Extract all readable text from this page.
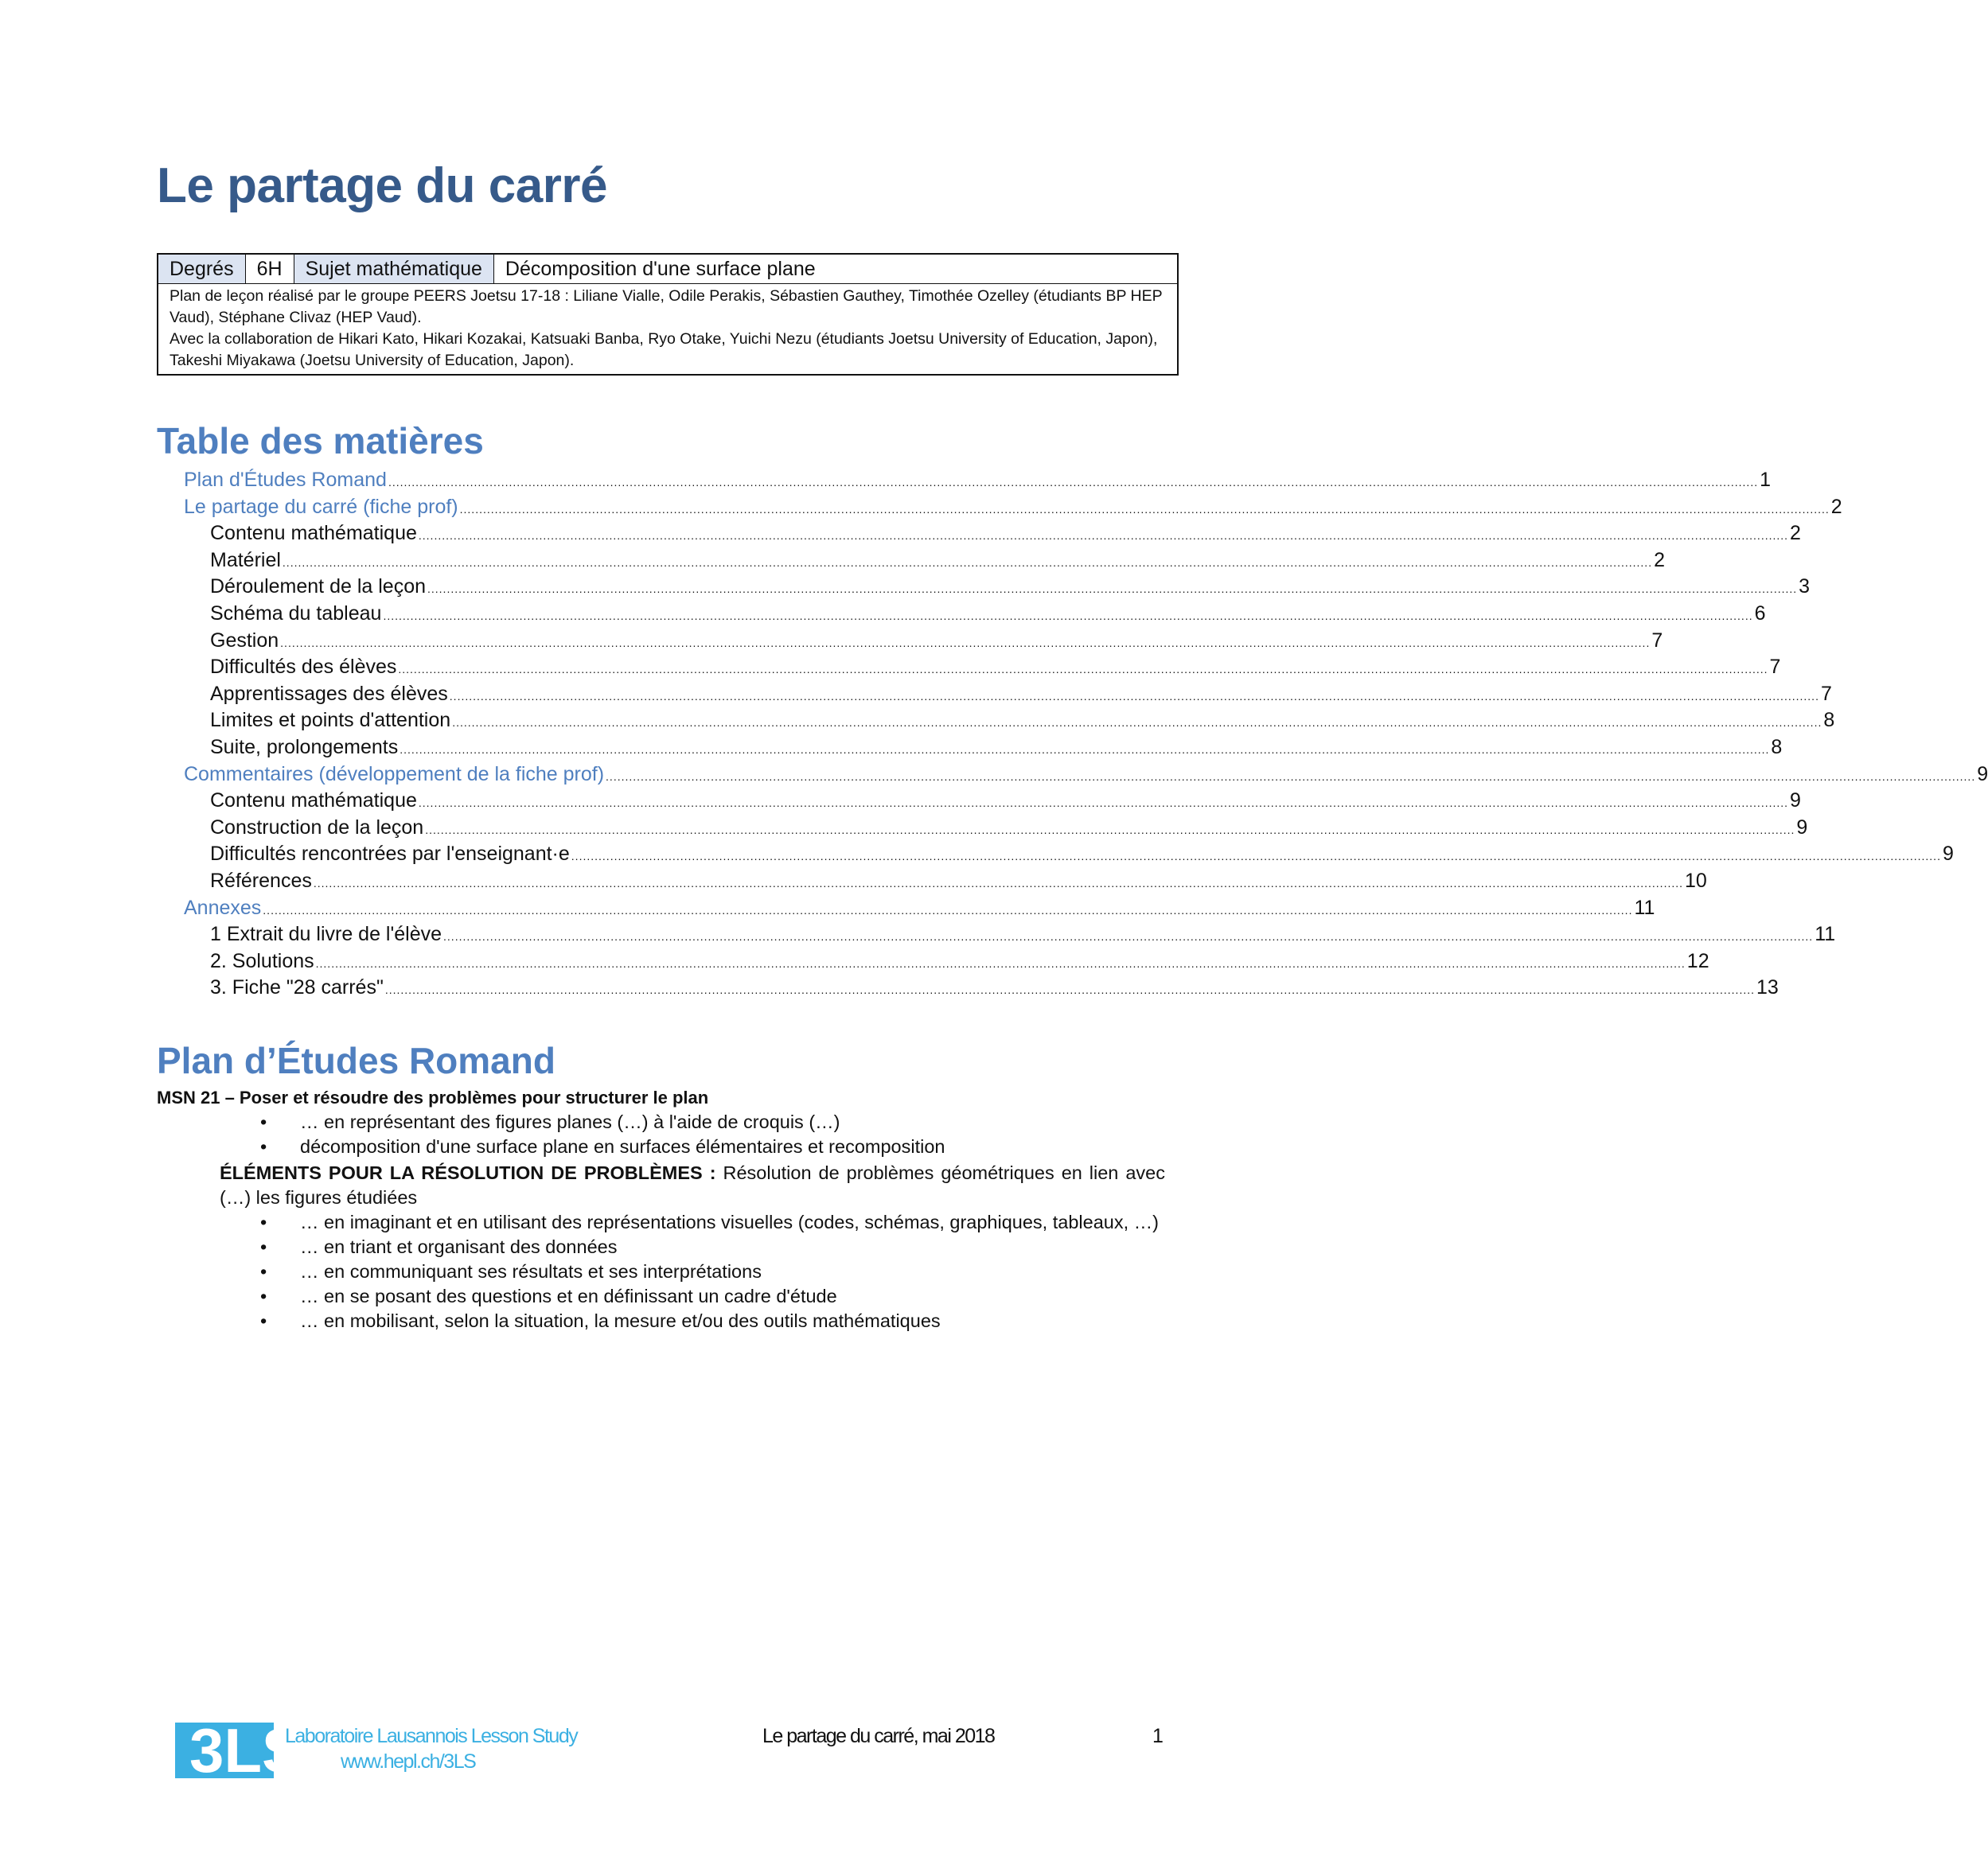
Le partage du carré
Degrés	6H	Sujet mathématique	Décomposition d'une surface plane
Plan de leçon réalisé par le groupe PEERS Joetsu 17-18 : Liliane Vialle, Odile Perakis, Sébastien Gauthey, Timothée Ozelley (étudiants BP HEP Vaud), Stéphane Clivaz (HEP Vaud).
Avec la collaboration de Hikari Kato, Hikari Kozakai, Katsuaki Banba, Ryo Otake, Yuichi Nezu (étudiants Joetsu University of Education, Japon), Takeshi Miyakawa (Joetsu University of Education, Japon).
Table des matières
Plan d'Études Romand .....	1
Le partage du carré (fiche prof) .....	2
Contenu mathématique .....	2
Matériel .....	2
Déroulement de la leçon .....	3
Schéma du tableau .....	6
Gestion .....	7
Difficultés des élèves .....	7
Apprentissages des élèves .....	7
Limites et points d'attention .....	8
Suite, prolongements .....	8
Commentaires (développement de la fiche prof) .....	9
Contenu mathématique .....	9
Construction de la leçon .....	9
Difficultés rencontrées par l'enseignant·e .....	9
Références .....	10
Annexes .....	11
1 Extrait du livre de l'élève .....	11
2. Solutions .....	12
3. Fiche "28 carrés" .....	13
Plan d’Études Romand
MSN 21 – Poser et résoudre des problèmes pour structurer le plan
• … en représentant des figures planes (…) à l'aide de croquis (…)
• décomposition d'une surface plane en surfaces élémentaires et recomposition
ÉLÉMENTS POUR LA RÉSOLUTION DE PROBLÈMES : Résolution de problèmes géométriques en lien avec (…) les figures étudiées
• … en imaginant et en utilisant des représentations visuelles (codes, schémas, graphiques, tableaux, …)
• … en triant et organisant des données
• … en communiquant ses résultats et ses interprétations
• … en se posant des questions et en définissant un cadre d'étude
• … en mobilisant, selon la situation, la mesure et/ou des outils mathématiques
3LS
Laboratoire Lausannois Lesson Study
www.hepl.ch/3LS
Le partage du carré, mai 2018	1
